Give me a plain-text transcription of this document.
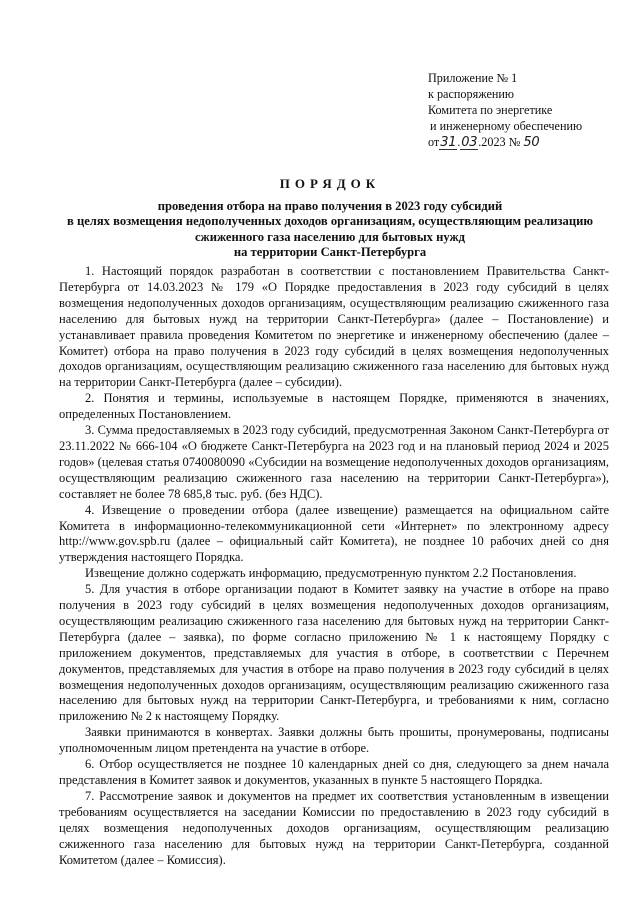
Приложение № 1
к распоряжению
Комитета по энергетике
и инженерному обеспечению
от31.03.2023 № 50
ПОРЯДОК
проведения отбора на право получения в 2023 году субсидий
в целях возмещения недополученных доходов организациям, осуществляющим реализацию
сжиженного газа населению для бытовых нужд
на территории Санкт-Петербурга

1. Настоящий порядок разработан в соответствии с постановлением Правительства Санкт-Петербурга от 14.03.2023 № 179 «О Порядке предоставления в 2023 году субсидий в целях возмещения недополученных доходов организациям, осуществляющим реализацию сжиженного газа населению для бытовых нужд на территории Санкт-Петербурга» (далее – Постановление) и устанавливает правила проведения Комитетом по энергетике и инженерному обеспечению (далее – Комитет) отбора на право получения в 2023 году субсидий в целях возмещения недополученных доходов организациям, осуществляющим реализацию сжиженного газа населению для бытовых нужд на территории Санкт-Петербурга (далее – субсидии).

2. Понятия и термины, используемые в настоящем Порядке, применяются в значениях, определенных Постановлением.

3. Сумма предоставляемых в 2023 году субсидий, предусмотренная Законом Санкт-Петербурга от 23.11.2022 № 666-104 «О бюджете Санкт-Петербурга на 2023 год и на плановый период 2024 и 2025 годов» (целевая статья 0740080090 «Субсидии на возмещение недополученных доходов организациям, осуществляющим реализацию сжиженного газа населению на территории Санкт-Петербурга»), составляет не более 78 685,8 тыс. руб. (без НДС).

4. Извещение о проведении отбора (далее извещение) размещается на официальном сайте Комитета в информационно-телекоммуникационной сети «Интернет» по электронному адресу http://www.gov.spb.ru (далее – официальный сайт Комитета), не позднее 10 рабочих дней со дня утверждения настоящего Порядка.

Извещение должно содержать информацию, предусмотренную пунктом 2.2 Постановления.

5. Для участия в отборе организации подают в Комитет заявку на участие в отборе на право получения в 2023 году субсидий в целях возмещения недополученных доходов организациям, осуществляющим реализацию сжиженного газа населению для бытовых нужд на территории Санкт-Петербурга (далее – заявка), по форме согласно приложению № 1 к настоящему Порядку с приложением документов, представляемых для участия в отборе, в соответствии с Перечнем документов, представляемых для участия в отборе на право получения в 2023 году субсидий в целях возмещения недополученных доходов организациям, осуществляющим реализацию сжиженного газа населению для бытовых нужд на территории Санкт-Петербурга, и требованиями к ним, согласно приложению № 2 к настоящему Порядку.

Заявки принимаются в конвертах. Заявки должны быть прошиты, пронумерованы, подписаны уполномоченным лицом претендента на участие в отборе.

6. Отбор осуществляется не позднее 10 календарных дней со дня, следующего за днем начала представления в Комитет заявок и документов, указанных в пункте 5 настоящего Порядка.

7. Рассмотрение заявок и документов на предмет их соответствия установленным в извещении требованиям осуществляется на заседании Комиссии по предоставлению в 2023 году субсидий в целях возмещения недополученных доходов организациям, осуществляющим реализацию сжиженного газа населению для бытовых нужд на территории Санкт-Петербурга, созданной Комитетом (далее – Комиссия).
